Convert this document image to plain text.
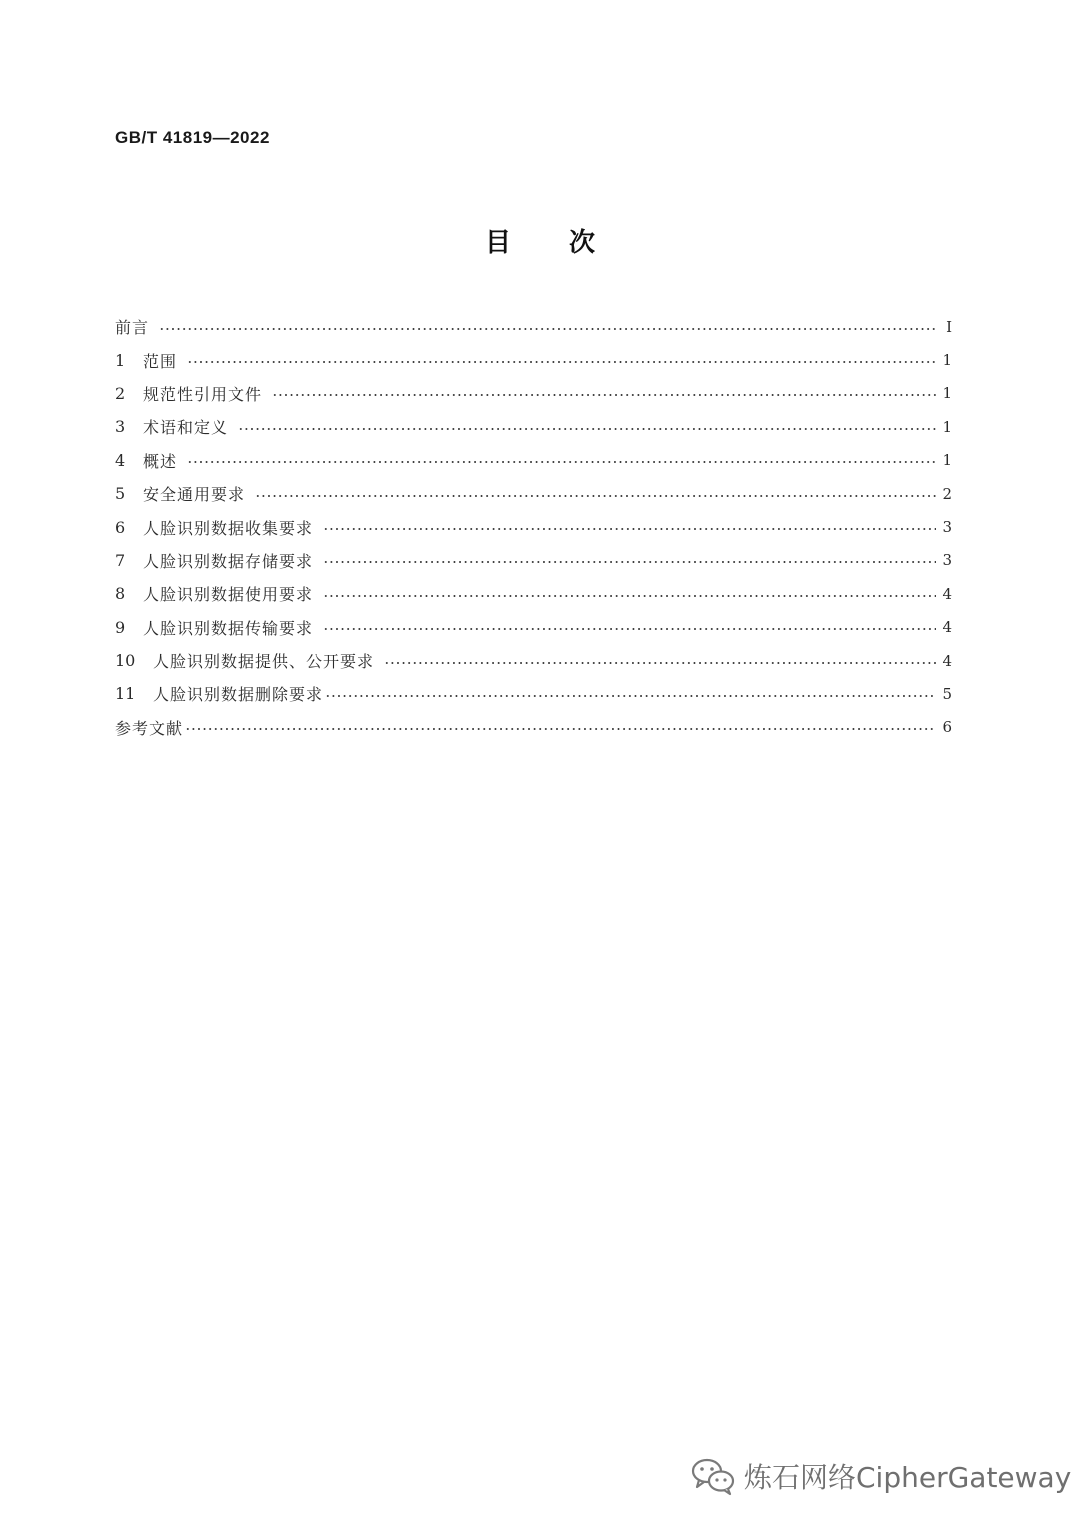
GB/T 41819—2022
目 次
前言	Ⅰ
1	范围	1
2	规范性引用文件	1
3	术语和定义	1
4	概述	1
5	安全通用要求	2
6	人脸识别数据收集要求	3
7	人脸识别数据存储要求	3
8	人脸识别数据使用要求	4
9	人脸识别数据传输要求	4
10	人脸识别数据提供、公开要求	4
11	人脸识别数据删除要求	5
参考文献	6
炼石网络CipherGateway
